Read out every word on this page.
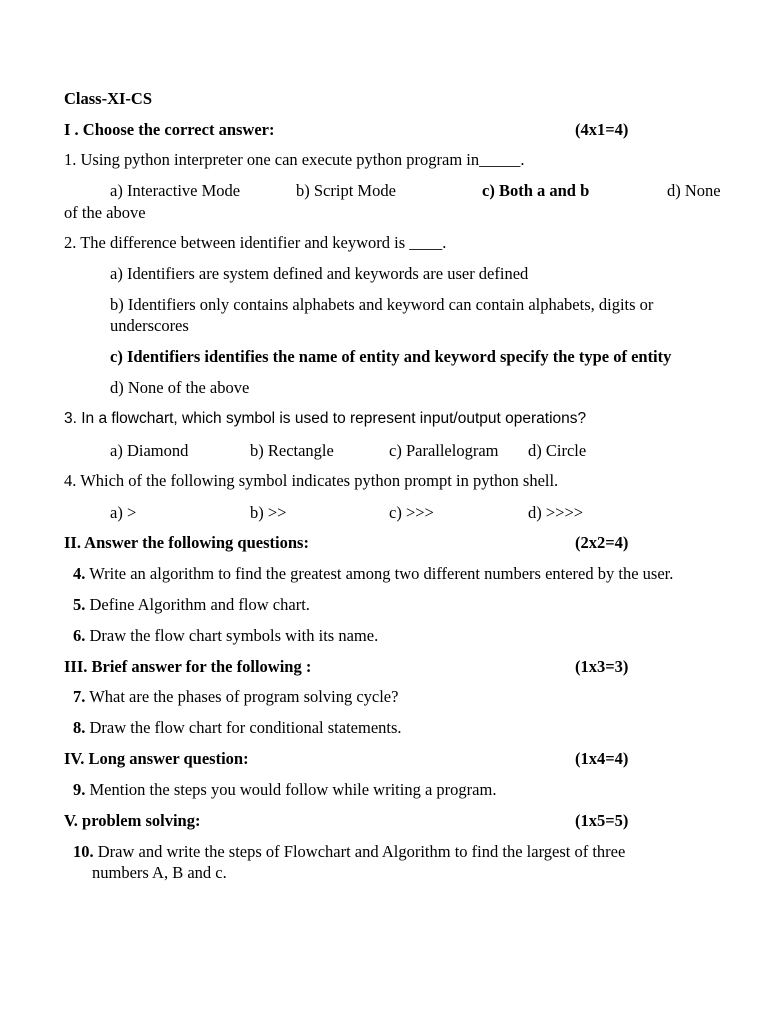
Class-XI-CS
I . Choose the correct answer:	(4x1=4)
1. Using python interpreter one can execute python program in_____.
a) Interactive Mode	b) Script Mode	c) Both a and b	d) None
of the above
2. The difference between identifier and keyword is ____.
a) Identifiers are system defined and keywords are user defined
b) Identifiers only contains alphabets and keyword can contain alphabets, digits or
underscores
c) Identifiers identifies the name of entity and keyword specify the type of entity
d) None of the above
3. In a flowchart, which symbol is used to represent input/output operations?
a) Diamond	b) Rectangle	c) Parallelogram d) Circle
4. Which of the following symbol indicates python prompt in python shell.
a) >	b) >>	c) >>>	d) >>>>
II. Answer the following questions:	(2x2=4)
4. Write an algorithm to find the greatest among two different numbers entered by the user.
5. Define Algorithm and flow chart.
6. Draw the flow chart symbols with its name.
III. Brief answer for the following :	(1x3=3)
7. What are the phases of program solving cycle?
8. Draw the flow chart for conditional statements.
IV. Long answer question:	(1x4=4)
9. Mention the steps you would follow while writing a program.
V. problem solving:	(1x5=5)
10. Draw and write the steps of Flowchart and Algorithm to find the largest of three
numbers A, B and c.
